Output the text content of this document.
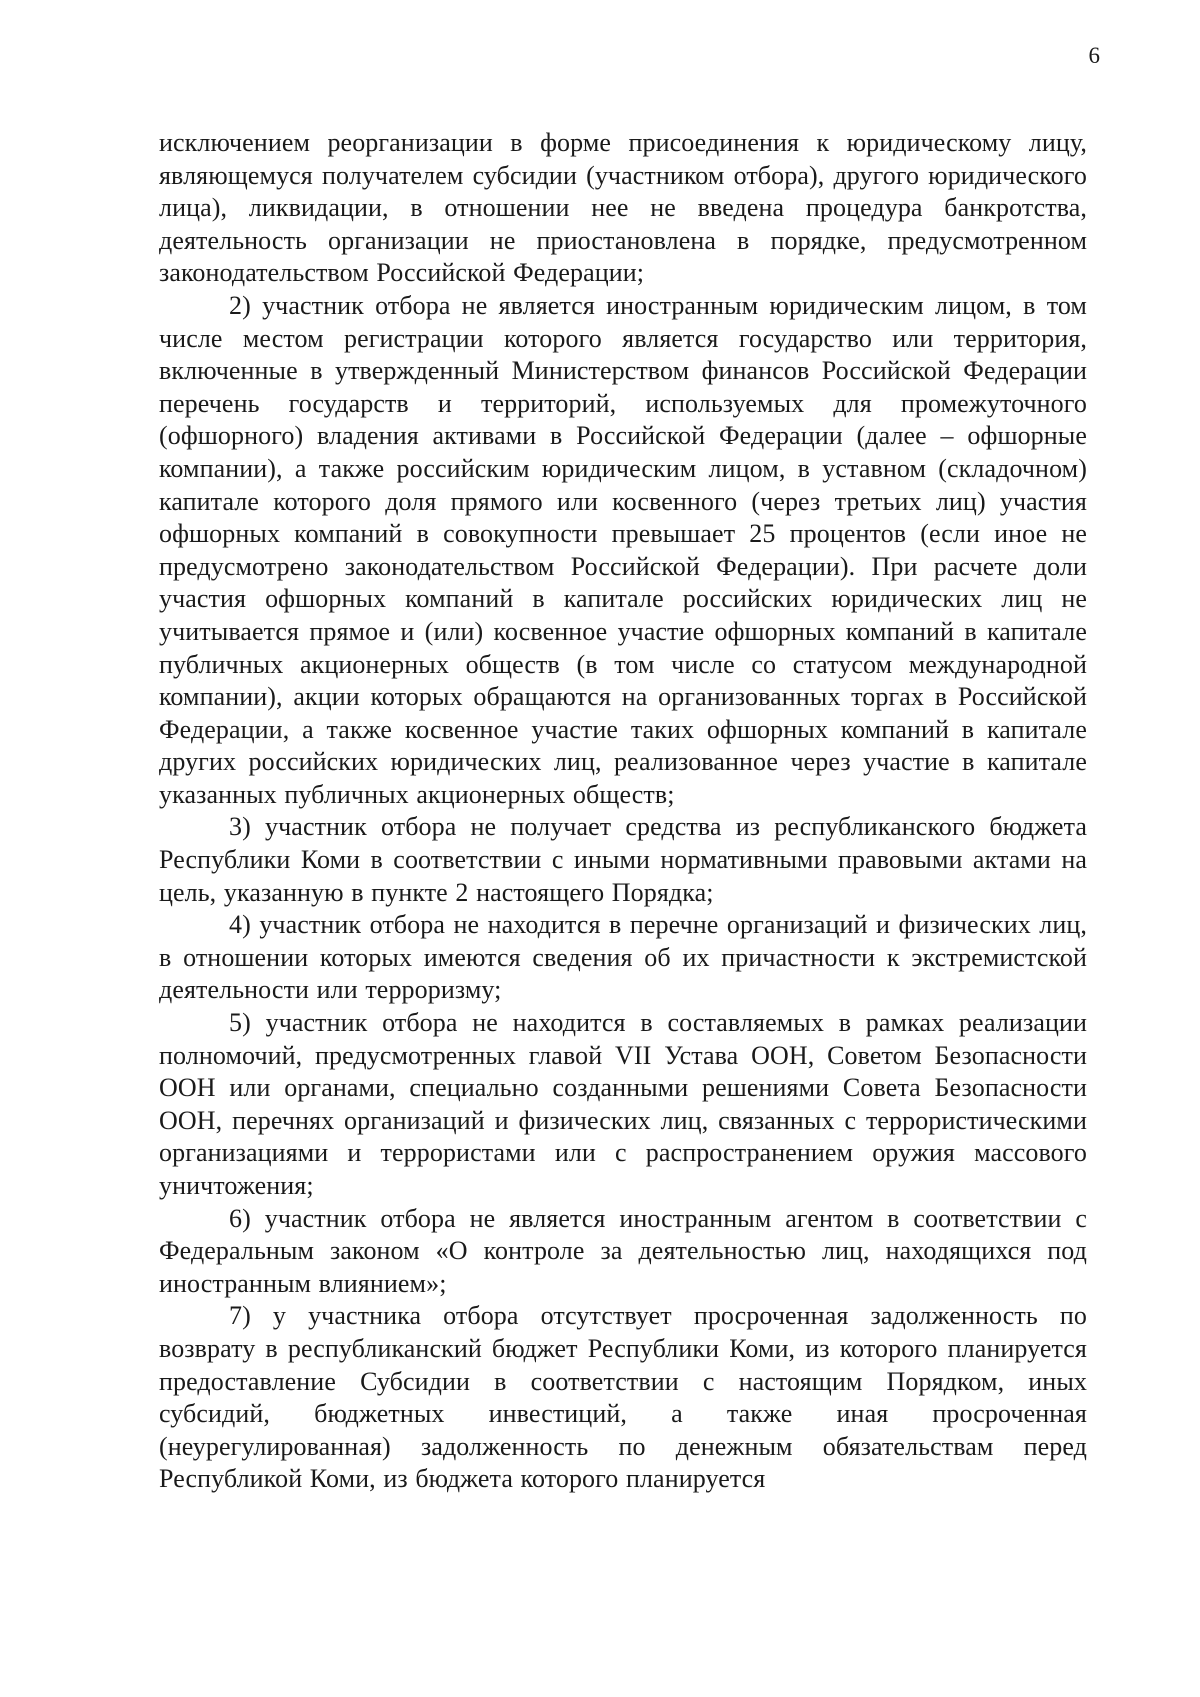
6

исключением реорганизации в форме присоединения к юридическому лицу, являющемуся получателем субсидии (участником отбора), другого юридического лица), ликвидации, в отношении нее не введена процедура банкротства, деятельность организации не приостановлена в порядке, предусмотренном законодательством Российской Федерации;

2) участник отбора не является иностранным юридическим лицом, в том числе местом регистрации которого является государство или территория, включенные в утвержденный Министерством финансов Российской Федерации перечень государств и территорий, используемых для промежуточного (офшорного) владения активами в Российской Федерации (далее – офшорные компании), а также российским юридическим лицом, в уставном (складочном) капитале которого доля прямого или косвенного (через третьих лиц) участия офшорных компаний в совокупности превышает 25 процентов (если иное не предусмотрено законодательством Российской Федерации). При расчете доли участия офшорных компаний в капитале российских юридических лиц не учитывается прямое и (или) косвенное участие офшорных компаний в капитале публичных акционерных обществ (в том числе со статусом международной компании), акции которых обращаются на организованных торгах в Российской Федерации, а также косвенное участие таких офшорных компаний в капитале других российских юридических лиц, реализованное через участие в капитале указанных публичных акционерных обществ;

3) участник отбора не получает средства из республиканского бюджета Республики Коми в соответствии с иными нормативными правовыми актами на цель, указанную в пункте 2 настоящего Порядка;

4) участник отбора не находится в перечне организаций и физических лиц, в отношении которых имеются сведения об их причастности к экстремистской деятельности или терроризму;

5) участник отбора не находится в составляемых в рамках реализации полномочий, предусмотренных главой VII Устава ООН, Советом Безопасности ООН или органами, специально созданными решениями Совета Безопасности ООН, перечнях организаций и физических лиц, связанных с террористическими организациями и террористами или с распространением оружия массового уничтожения;

6) участник отбора не является иностранным агентом в соответствии с Федеральным законом «О контроле за деятельностью лиц, находящихся под иностранным влиянием»;

7) у участника отбора отсутствует просроченная задолженность по возврату в республиканский бюджет Республики Коми, из которого планируется предоставление Субсидии в соответствии с настоящим Порядком, иных субсидий, бюджетных инвестиций, а также иная просроченная (неурегулированная) задолженность по денежным обязательствам перед Республикой Коми, из бюджета которого планируется
